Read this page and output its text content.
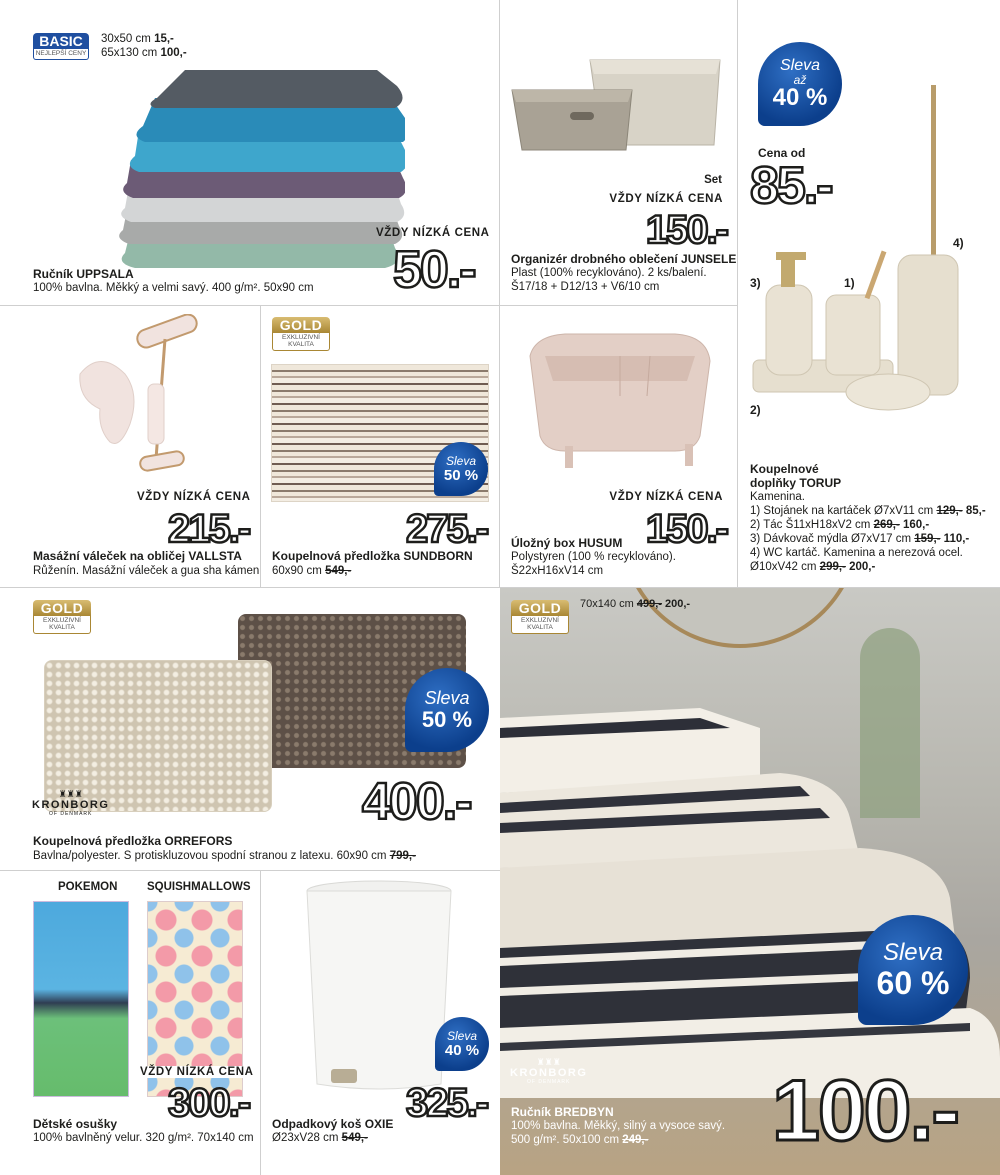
BASIC
NEJLEPŠÍ CENY
30x50 cm 15,-
65x130 cm 100,-
VŽDY NÍZKÁ CENA
50.-
Ručník UPPSALA
100% bavlna. Měkký a velmi savý. 400 g/m². 50x90 cm
Set
VŽDY NÍZKÁ CENA
150.-
Organizér drobného oblečení JUNSELE
Plast (100% recyklováno). 2 ks/balení.
Š17/18 + D12/13 + V6/10 cm
Sleva
až
40 %
Cena od
85.-
4)
3)	1)
2)
Koupelnové
doplňky TORUP
Kamenina.
1) Stojánek na kartáček Ø7xV11 cm 129,- 85,-
2) Tác Š11xH18xV2 cm 269,- 160,-
3) Dávkovač mýdla Ø7xV17 cm 159,- 110,-
4) WC kartáč. Kamenina a nerezová ocel.
Ø10xV42 cm 299,- 200,-
VŽDY NÍZKÁ CENA
215.-
Masážní váleček na obličej VALLSTA
Růženín. Masážní váleček a gua sha kámen
GOLD
EXKLUZIVNÍ KVALITA
Sleva
50 %
275.-
Koupelnová předložka SUNDBORN
60x90 cm 549,-
VŽDY NÍZKÁ CENA
150.-
Úložný box HUSUM
Polystyren (100 % recyklováno).
Š22xH16xV14 cm
GOLD
EXKLUZIVNÍ KVALITA
Sleva
50 %
♜♜♜
KRONBORG
OF DENMARK	400.-
Koupelnová předložka ORREFORS
Bavlna/polyester. S protiskluzovou spodní stranou z latexu. 60x90 cm 799,-
GOLD
EXKLUZIVNÍ KVALITA
70x140 cm 499,- 200,-
Sleva
60 %
♜♜♜
KRONBORG
OF DENMARK 100.-
Ručník BREDBYN
100% bavlna. Měkký, silný a vysoce savý.
500 g/m². 50x100 cm 249,-
POKEMON	SQUISHMALLOWS
VŽDY NÍZKÁ CENA
300.-
Dětské osušky
100% bavlněný velur. 320 g/m². 70x140 cm
Sleva
40 %
325.-
Odpadkový koš OXIE
Ø23xV28 cm 549,-
